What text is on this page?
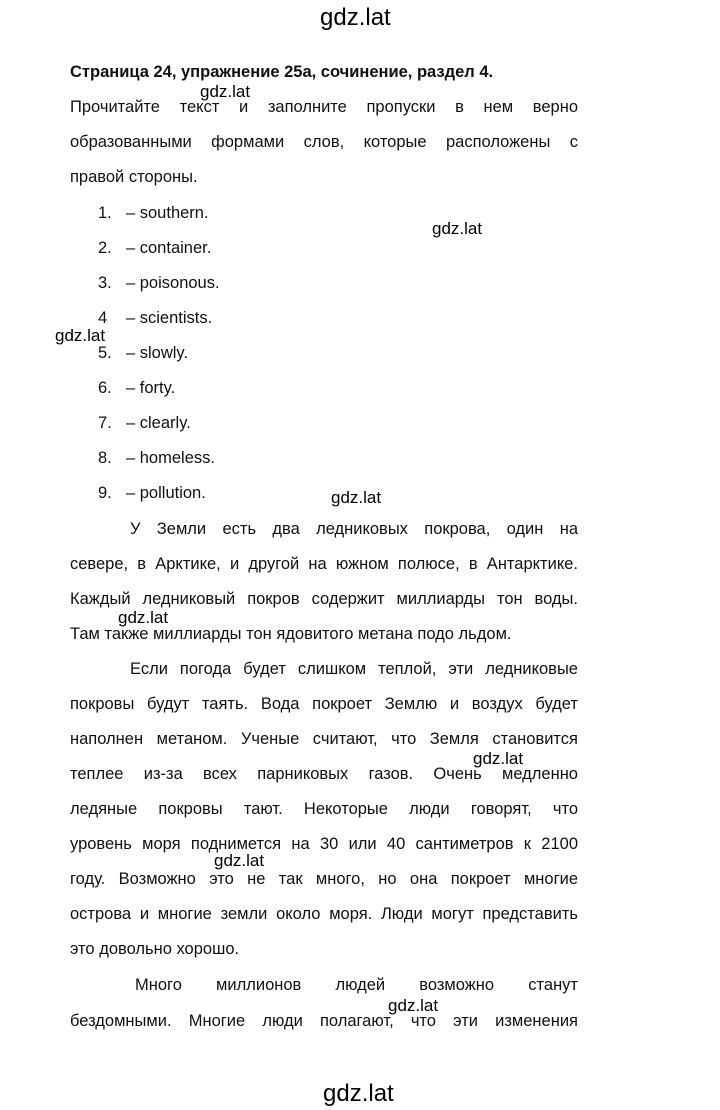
gdz.lat
gdz.lat
gdz.lat
gdz.lat
gdz.lat
gdz.lat
gdz.lat
gdz.lat
gdz.lat
gdz.lat
Страница 24, упражнение 25a, сочинение, раздел 4.
Прочитайте текст и заполните пропуски в нем верно
образованными формами слов, которые расположены с
правой стороны.
1. – southern.
2. – container.
3. – poisonous.
4 – scientists.
5. – slowly.
6. – forty.
7. – clearly.
8. – homeless.
9. – pollution.
У Земли есть два ледниковых покрова, один на
севере, в Арктике, и другой на южном полюсе, в Антарктике.
Каждый ледниковый покров содержит миллиарды тон воды.
Там также миллиарды тон ядовитого метана подо льдом.
Если погода будет слишком теплой, эти ледниковые
покровы будут таять. Вода покроет Землю и воздух будет
наполнен метаном. Ученые считают, что Земля становится
теплее из-за всех парниковых газов. Очень медленно
ледяные покровы тают. Некоторые люди говорят, что
уровень моря поднимется на 30 или 40 сантиметров к 2100
году. Возможно это не так много, но она покроет многие
острова и многие земли около моря. Люди могут представить
это довольно хорошо.
Много миллионов людей возможно станут
бездомными. Многие люди полагают, что эти изменения
